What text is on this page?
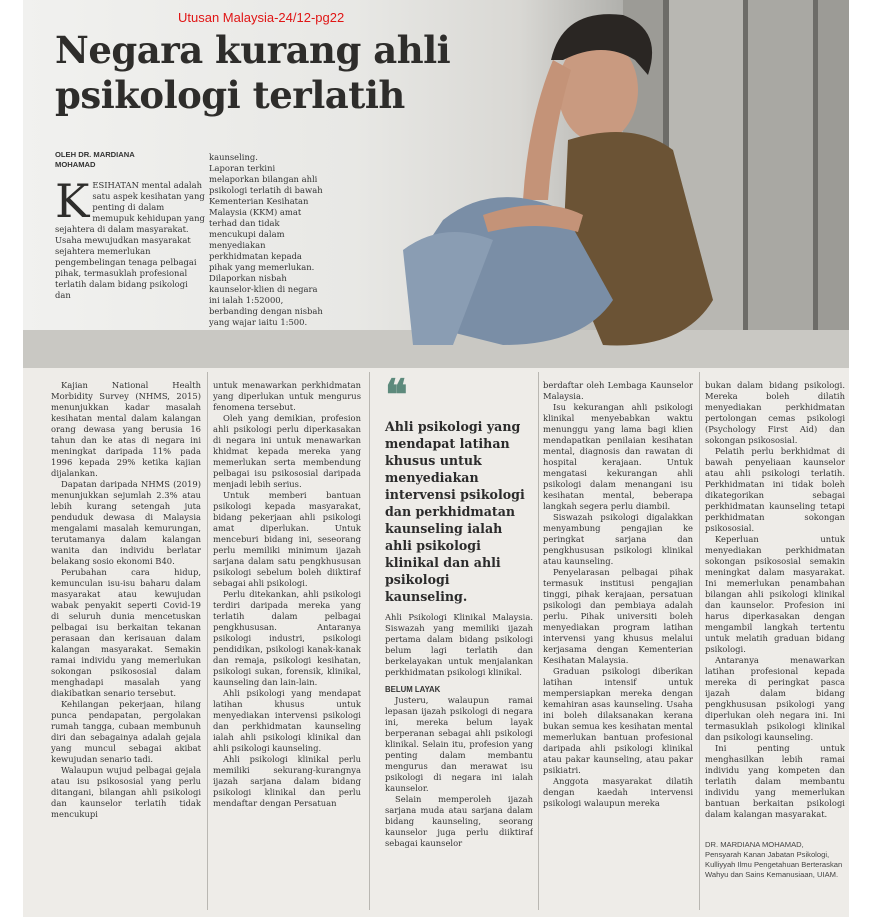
Utusan Malaysia-24/12-pg22
Negara kurang ahli psikologi terlatih
OLEH DR. MARDIANA MOHAMAD
K ESIHATAN mental adalah satu aspek kesihatan yang penting di dalam memupuk kehidupan yang sejahtera di dalam masyarakat. Usaha mewujudkan masyarakat sejahtera memerlukan pengembelingan tenaga pelbagai pihak, termasuklah profesional terlatih dalam bidang psikologi dan
kaunseling.
Laporan terkini melaporkan bilangan ahli psikologi terlatih di bawah Kementerian Kesihatan Malaysia (KKM) amat terhad dan tidak mencukupi dalam menyediakan perkhidmatan kepada pihak yang memerlukan. Dilaporkan nisbah kaunselor-klien di negara ini ialah 1:52000, berbanding dengan nisbah yang wajar iaitu 1:500.

Kajian National Health Morbidity Survey (NHMS, 2015) menunjukkan kadar masalah kesihatan mental dalam kalangan orang dewasa yang berusia 16 tahun dan ke atas di negara ini meningkat daripada 11% pada 1996 kepada 29% ketika kajian dijalankan.

Dapatan daripada NHMS (2019) menunjukkan sejumlah 2.3% atau lebih kurang setengah juta penduduk dewasa di Malaysia mengalami masalah kemurungan, terutamanya dalam kalangan wanita dan individu berlatar belakang sosio ekonomi B40.

Perubahan cara hidup, kemunculan isu-isu baharu dalam masyarakat atau kewujudan wabak penyakit seperti Covid-19 di seluruh dunia mencetuskan pelbagai isu berkaitan tekanan perasaan dan kerisauan dalam kalangan masyarakat. Semakin ramai individu yang memerlukan sokongan psikososial dalam menghadapi masalah yang diakibatkan senario tersebut.

Kehilangan pekerjaan, hilang punca pendapatan, pergolakan rumah tangga, cubaan membunuh diri dan sebagainya adalah gejala yang muncul sebagai akibat kewujudan senario tadi.

Walaupun wujud pelbagai gejala atau isu psikososial yang perlu ditangani, bilangan ahli psikologi dan kaunselor terlatih tidak mencukupi

untuk menawarkan perkhidmatan yang diperlukan untuk mengurus fenomena tersebut.

Oleh yang demikian, profesion ahli psikologi perlu diperkasakan di negara ini untuk menawarkan khidmat kepada mereka yang memerlukan serta membendung pelbagai isu psikososial daripada menjadi lebih serius.

Untuk memberi bantuan psikologi kepada masyarakat, bidang pekerjaan ahli psikologi amat diperlukan. Untuk menceburi bidang ini, seseorang perlu memiliki minimum ijazah sarjana dalam satu pengkhususan psikologi sebelum boleh diiktiraf sebagai ahli psikologi.

Perlu ditekankan, ahli psikologi terdiri daripada mereka yang terlatih dalam pelbagai pengkhususan. Antaranya psikologi industri, psikologi pendidikan, psikologi kanak-kanak dan remaja, psikologi kesihatan, psikologi sukan, forensik, klinikal, kaunseling dan lain-lain.

Ahli psikologi yang mendapat latihan khusus untuk menyediakan intervensi psikologi dan perkhidmatan kaunseling ialah ahli psikologi klinikal dan ahli psikologi kaunseling.

Ahli psikologi klinikal perlu memiliki sekurang-kurangnya ijazah sarjana dalam bidang psikologi klinikal dan perlu mendaftar dengan Persatuan

❝

Ahli psikologi yang mendapat latihan khusus untuk menyediakan intervensi psikologi dan perkhidmatan kaunseling ialah ahli psikologi klinikal dan ahli psikologi kaunseling.

Ahli Psikologi Klinikal Malaysia. Siswazah yang memiliki ijazah pertama dalam bidang psikologi belum lagi terlatih dan berkelayakan untuk menjalankan perkhidmatan psikologi klinikal.

BELUM LAYAK

Justeru, walaupun ramai lepasan ijazah psikologi di negara ini, mereka belum layak berperanan sebagai ahli psikologi klinikal. Selain itu, profesion yang penting dalam membantu mengurus dan merawat isu psikologi di negara ini ialah kaunselor.

Selain memperoleh ijazah sarjana muda atau sarjana dalam bidang kaunseling, seorang kaunselor juga perlu diiktiraf sebagai kaunselor

berdaftar oleh Lembaga Kaunselor Malaysia.

Isu kekurangan ahli psikologi klinikal menyebabkan waktu menunggu yang lama bagi klien mendapatkan penilaian kesihatan mental, diagnosis dan rawatan di hospital kerajaan. Untuk mengatasi kekurangan ahli psikologi dalam menangani isu kesihatan mental, beberapa langkah segera perlu diambil.

Siswazah psikologi digalakkan menyambung pengajian ke peringkat sarjana dan pengkhususan psikologi klinikal atau kaunseling.

Penyelarasan pelbagai pihak termasuk institusi pengajian tinggi, pihak kerajaan, persatuan psikologi dan pembiaya adalah perlu. Pihak universiti boleh menyediakan program latihan intervensi yang khusus melalui kerjasama dengan Kementerian Kesihatan Malaysia.

Graduan psikologi diberikan latihan intensif untuk mempersiapkan mereka dengan kemahiran asas kaunseling. Usaha ini boleh dilaksanakan kerana bukan semua kes kesihatan mental memerlukan bantuan profesional daripada ahli psikologi klinikal atau pakar kaunseling, atau pakar psikiatri.

Anggota masyarakat dilatih dengan kaedah intervensi psikologi walaupun mereka

bukan dalam bidang psikologi. Mereka boleh dilatih menyediakan perkhidmatan pertolongan cemas psikologi (Psychology First Aid) dan sokongan psikososial.

Pelatih perlu berkhidmat di bawah penyeliaan kaunselor atau ahli psikologi terlatih. Perkhidmatan ini tidak boleh dikategorikan sebagai perkhidmatan kaunseling tetapi perkhidmatan sokongan psikososial.

Keperluan untuk menyediakan perkhidmatan sokongan psikososial semakin meningkat dalam masyarakat. Ini memerlukan penambahan bilangan ahli psikologi klinikal dan kaunselor. Profesion ini harus diperkasakan dengan mengambil langkah tertentu untuk melatih graduan bidang psikologi.

Antaranya menawarkan latihan profesional kepada mereka di peringkat pasca ijazah dalam bidang pengkhususan psikologi yang diperlukan oleh negara ini. Ini termasuklah psikologi klinikal dan psikologi kaunseling.

Ini penting untuk menghasilkan lebih ramai individu yang kompeten dan terlatih dalam membantu individu yang memerlukan bantuan berkaitan psikologi dalam kalangan masyarakat.

DR. MARDIANA MOHAMAD,
Pensyarah Kanan Jabatan Psikologi, Kulliyyah Ilmu Pengetahuan Berteraskan Wahyu dan Sains Kemanusiaan, UIAM.
